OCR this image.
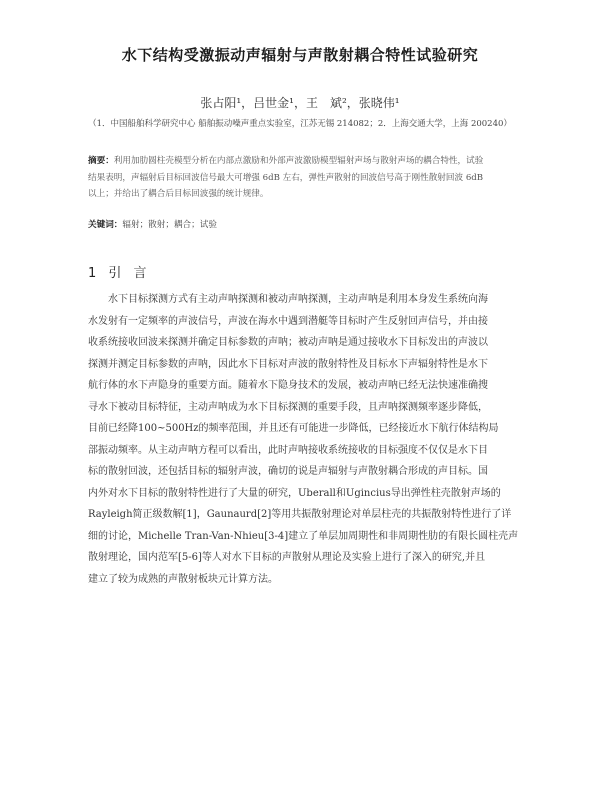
水下结构受激振动声辐射与声散射耦合特性试验研究
张占阳¹，吕世金¹，王　斌²，张晓伟¹
（1．中国船舶科学研究中心 船舶振动噪声重点实验室，江苏无锡 214082；2．上海交通大学，上海 200240）
摘要：利用加肋圆柱壳模型分析在内部点激励和外部声波激励模型辐射声场与散射声场的耦合特性，试验
结果表明，声辐射后目标回波信号最大可增强 6dB 左右，弹性声散射的回波信号高于刚性散射回波 6dB
以上；并给出了耦合后目标回波强的统计规律。
关键词：辐射；散射；耦合；试验
1 引 言
水下目标探测方式有主动声呐探测和被动声呐探测，主动声呐是利用本身发生系统向海
水发射有一定频率的声波信号，声波在海水中遇到潜艇等目标时产生反射回声信号，并由接
收系统接收回波来探测并确定目标参数的声呐；被动声呐是通过接收水下目标发出的声波以
探测并测定目标参数的声呐，因此水下目标对声波的散射特性及目标水下声辐射特性是水下
航行体的水下声隐身的重要方面。随着水下隐身技术的发展，被动声呐已经无法快速准确搜
寻水下被动目标特征，主动声呐成为水下目标探测的重要手段，且声呐探测频率逐步降低，
目前已经降100~500Hz的频率范围，并且还有可能进一步降低，已经接近水下航行体结构局
部振动频率。从主动声呐方程可以看出，此时声呐接收系统接收的目标强度不仅仅是水下目
标的散射回波，还包括目标的辐射声波，确切的说是声辐射与声散射耦合形成的声目标。国
内外对水下目标的散射特性进行了大量的研究，Uberall和Ugincius导出弹性柱壳散射声场的
Rayleigh简正级数解[1]，Gaunaurd[2]等用共振散射理论对单层柱壳的共振散射特性进行了详
细的讨论，Michelle Tran-Van-Nhieu[3-4]建立了单层加周期性和非周期性肋的有限长圆柱壳声
散射理论，国内范军[5-6]等人对水下目标的声散射从理论及实验上进行了深入的研究,并且
建立了较为成熟的声散射板块元计算方法。
